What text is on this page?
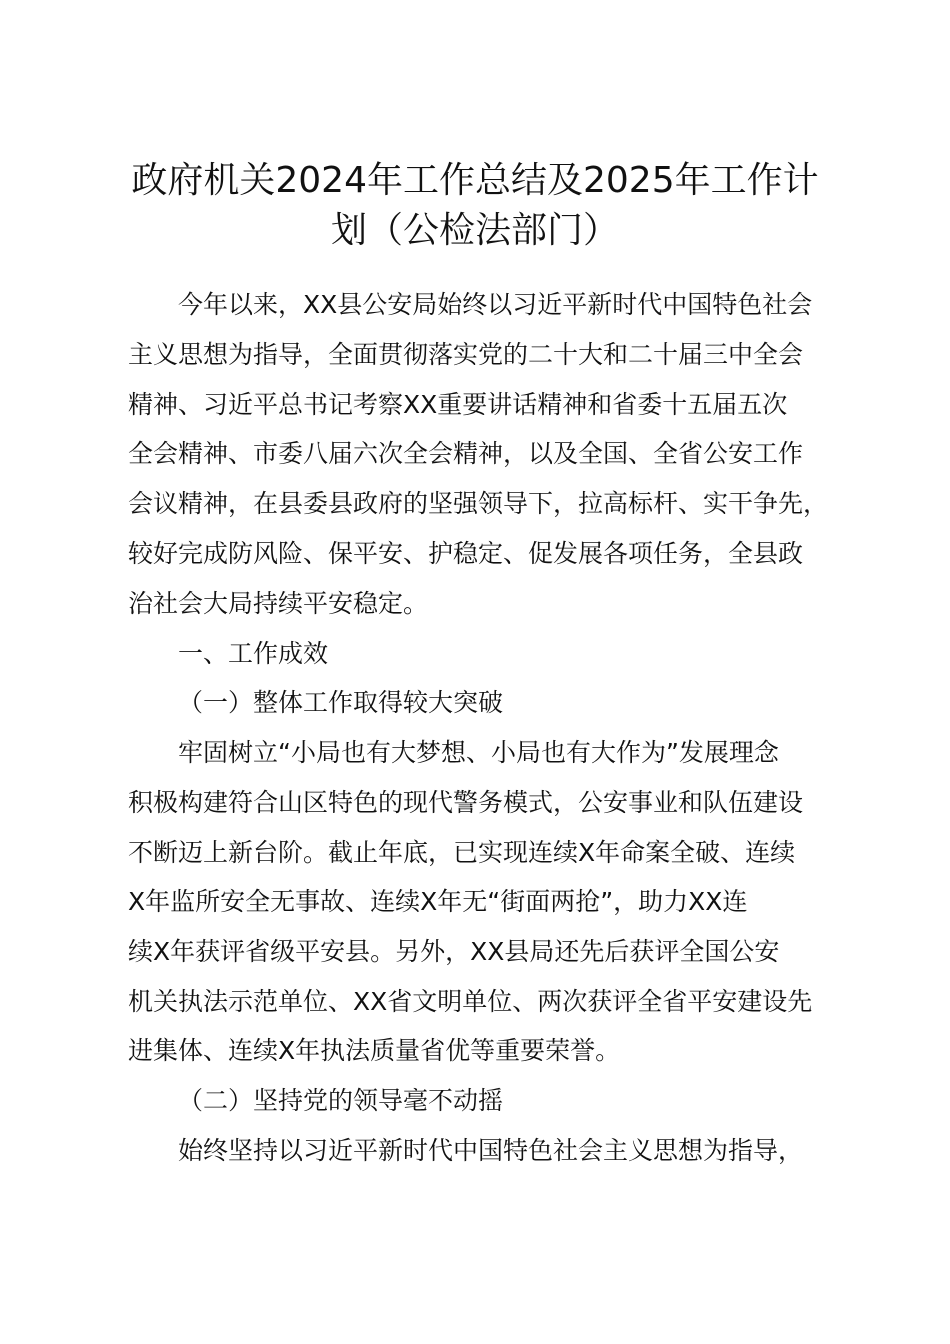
政府机关2024年工作总结及2025年工作计
划（公检法部门）

今年以来，XX县公安局始终以习近平新时代中国特色社会

主义思想为指导，全面贯彻落实党的二十大和二十届三中全会

精神、习近平总书记考察XX重要讲话精神和省委十五届五次

全会精神、市委八届六次全会精神，以及全国、全省公安工作

会议精神，在县委县政府的坚强领导下，拉高标杆、实干争先，

较好完成防风险、保平安、护稳定、促发展各项任务，全县政

治社会大局持续平安稳定。

一、工作成效

（一）整体工作取得较大突破

牢固树立“小局也有大梦想、小局也有大作为”发展理念

积极构建符合山区特色的现代警务模式，公安事业和队伍建设

不断迈上新台阶。截止年底，已实现连续X年命案全破、连续

X年监所安全无事故、连续X年无“街面两抢”，助力XX连

续X年获评省级平安县。另外，XX县局还先后获评全国公安

机关执法示范单位、XX省文明单位、两次获评全省平安建设先

进集体、连续X年执法质量省优等重要荣誉。

（二）坚持党的领导毫不动摇

始终坚持以习近平新时代中国特色社会主义思想为指导，
